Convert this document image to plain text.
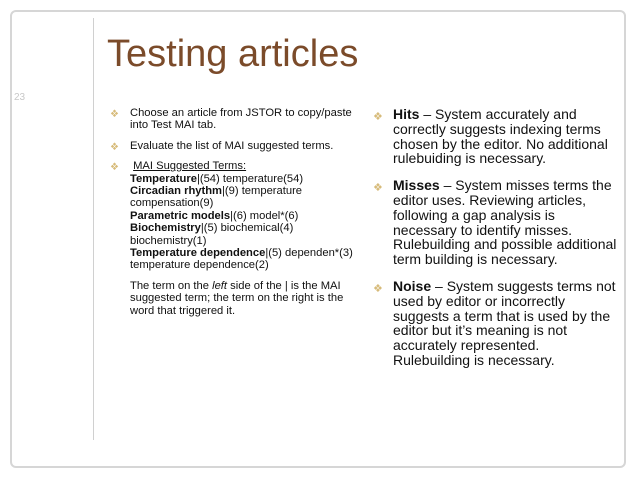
23
Testing articles
❖ Choose an article from JSTOR to copy/paste into Test MAI tab.
❖ Evaluate the list of MAI suggested terms.
❖ MAI Suggested Terms:
Temperature|(54) temperature(54)
Circadian rhythm|(9) temperature compensation(9)
Parametric models|(6) model*(6)
Biochemistry|(5) biochemical(4) biochemistry(1)
Temperature dependence|(5) dependen*(3) temperature dependence(2)
The term on the left side of the | is the MAI suggested term; the term on the right is the word that triggered it.
❖ Hits – System accurately and correctly suggests indexing terms chosen by the editor. No additional rulebuiding is necessary.
❖ Misses – System misses terms the editor uses. Reviewing articles, following a gap analysis is necessary to identify misses. Rulebuilding and possible additional term building is necessary.
❖ Noise – System suggests terms not used by editor or incorrectly suggests a term that is used by the editor but it’s meaning is not accurately represented. Rulebuilding is necessary.
